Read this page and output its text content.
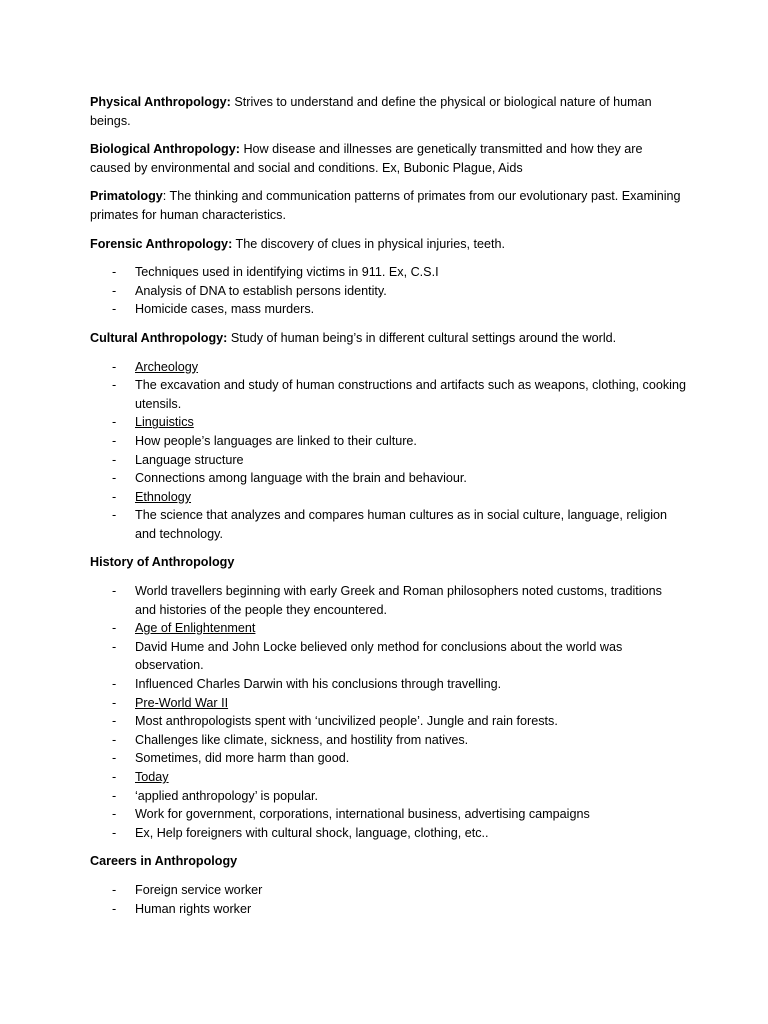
Physical Anthropology: Strives to understand and define the physical or biological nature of human beings.

Biological Anthropology: How disease and illnesses are genetically transmitted and how they are caused by environmental and social and conditions. Ex, Bubonic Plague, Aids

Primatology: The thinking and communication patterns of primates from our evolutionary past. Examining primates for human characteristics.

Forensic Anthropology: The discovery of clues in physical injuries, teeth.

- Techniques used in identifying victims in 911. Ex, C.S.I
- Analysis of DNA to establish persons identity.
- Homicide cases, mass murders.

Cultural Anthropology: Study of human being’s in different cultural settings around the world.

- Archeology
- The excavation and study of human constructions and artifacts such as weapons, clothing, cooking utensils.
- Linguistics
- How people’s languages are linked to their culture.
- Language structure
- Connections among language with the brain and behaviour.
- Ethnology
- The science that analyzes and compares human cultures as in social culture, language, religion and technology.
History of Anthropology
- World travellers beginning with early Greek and Roman philosophers noted customs, traditions and histories of the people they encountered.
- Age of Enlightenment
- David Hume and John Locke believed only method for conclusions about the world was observation.
- Influenced Charles Darwin with his conclusions through travelling.
- Pre-World War II
- Most anthropologists spent with ‘uncivilized people’. Jungle and rain forests.
- Challenges like climate, sickness, and hostility from natives.
- Sometimes, did more harm than good.
- Today
- ‘applied anthropology’ is popular.
- Work for government, corporations, international business, advertising campaigns
- Ex, Help foreigners with cultural shock, language, clothing, etc..
Careers in Anthropology
- Foreign service worker
- Human rights worker
